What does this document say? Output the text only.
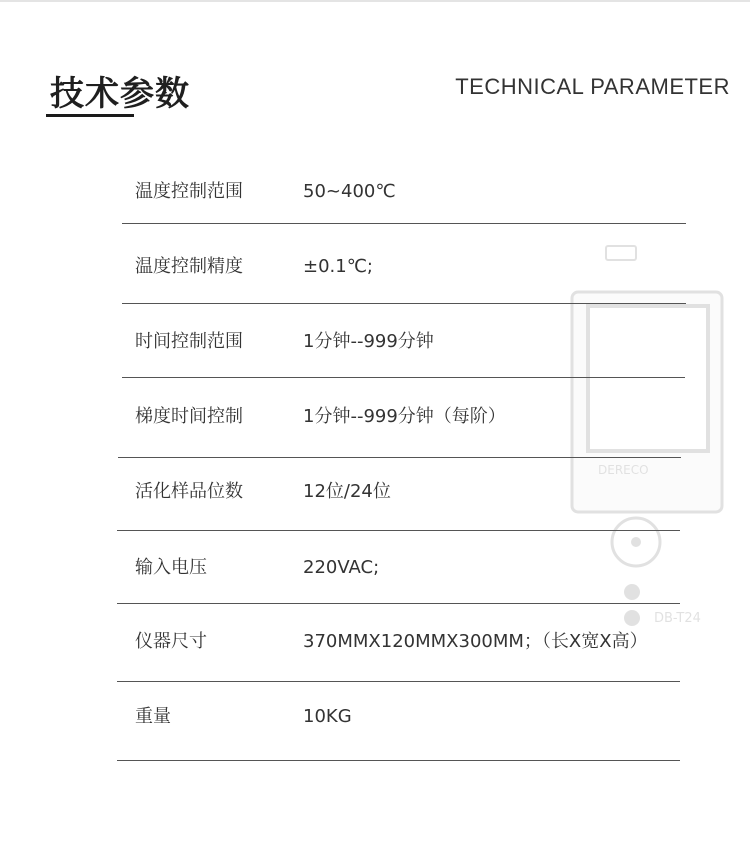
技术参数	TECHNICAL PARAMETER
DERECO
DB-T24
温度控制范围	50~400℃
温度控制精度	±0.1℃;
时间控制范围	1分钟--999分钟
梯度时间控制	1分钟--999分钟（每阶）
活化样品位数	12位/24位
输入电压	220VAC;
仪器尺寸	370MMX120MMX300MM；（长X宽X高）
重量	10KG
